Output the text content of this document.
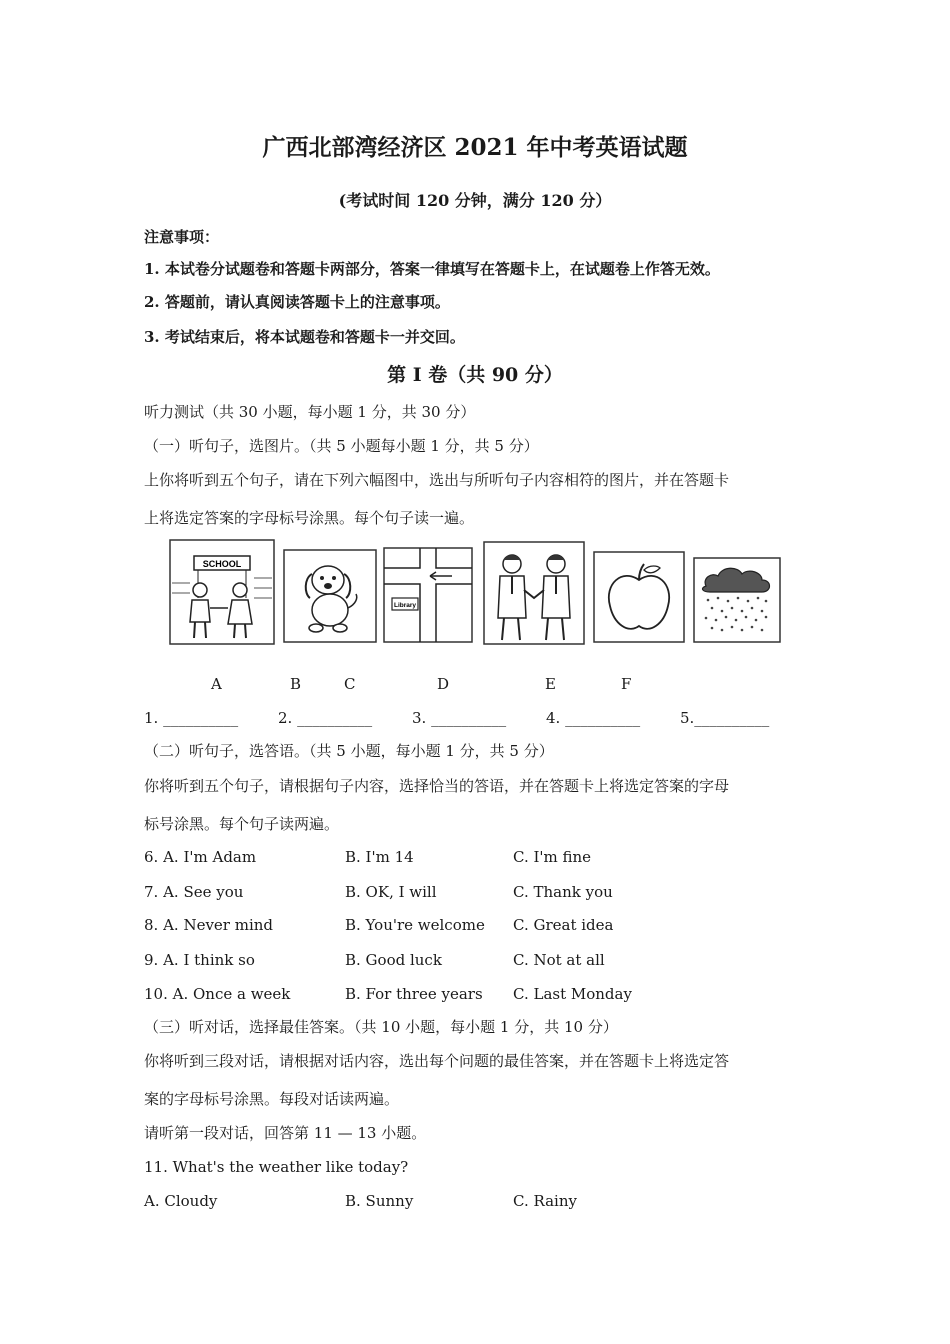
广西北部湾经济区 2021 年中考英语试题
(考试时间 120 分钟，满分 120 分）
注意事项：
1. 本试卷分试题卷和答题卡两部分，答案一律填写在答题卡上，在试题卷上作答无效。
2. 答题前，请认真阅读答题卡上的注意事项。
3. 考试结束后，将本试题卷和答题卡一并交回。
第 I 卷（共 90 分）
听力测试（共 30 小题，每小题 1 分，共 30 分）
（一）听句子，选图片。（共 5 小题每小题 1 分，共 5 分）
上你将听到五个句子，请在下列六幅图中，选出与所听句子内容相符的图片，并在答题卡
上将选定答案的字母标号涂黑。每个句子读一遍。
SCHOOL
Library
A	B	C	D	E	F
1. __________	2. __________	3. __________	4. __________	5.__________
（二）听句子，选答语。（共 5 小题，每小题 1 分，共 5 分）
你将听到五个句子，请根据句子内容，选择恰当的答语，并在答题卡上将选定答案的字母
标号涂黑。每个句子读两遍。
6. A. I'm Adam	B. I'm 14	C. I'm fine
7. A. See you	B. OK, I will	C. Thank you
8. A. Never mind	B. You're welcome C. Great idea
9. A. I think so	B. Good luck	C. Not at all
10. A. Once a week	B. For three years C. Last Monday
（三）听对话，选择最佳答案。（共 10 小题，每小题 1 分，共 10 分）
你将听到三段对话，请根据对话内容，选出每个问题的最佳答案，并在答题卡上将选定答
案的字母标号涂黑。每段对话读两遍。
请听第一段对话，回答第 11 — 13 小题。
11. What's the weather like today?
A. Cloudy	B. Sunny	C. Rainy
